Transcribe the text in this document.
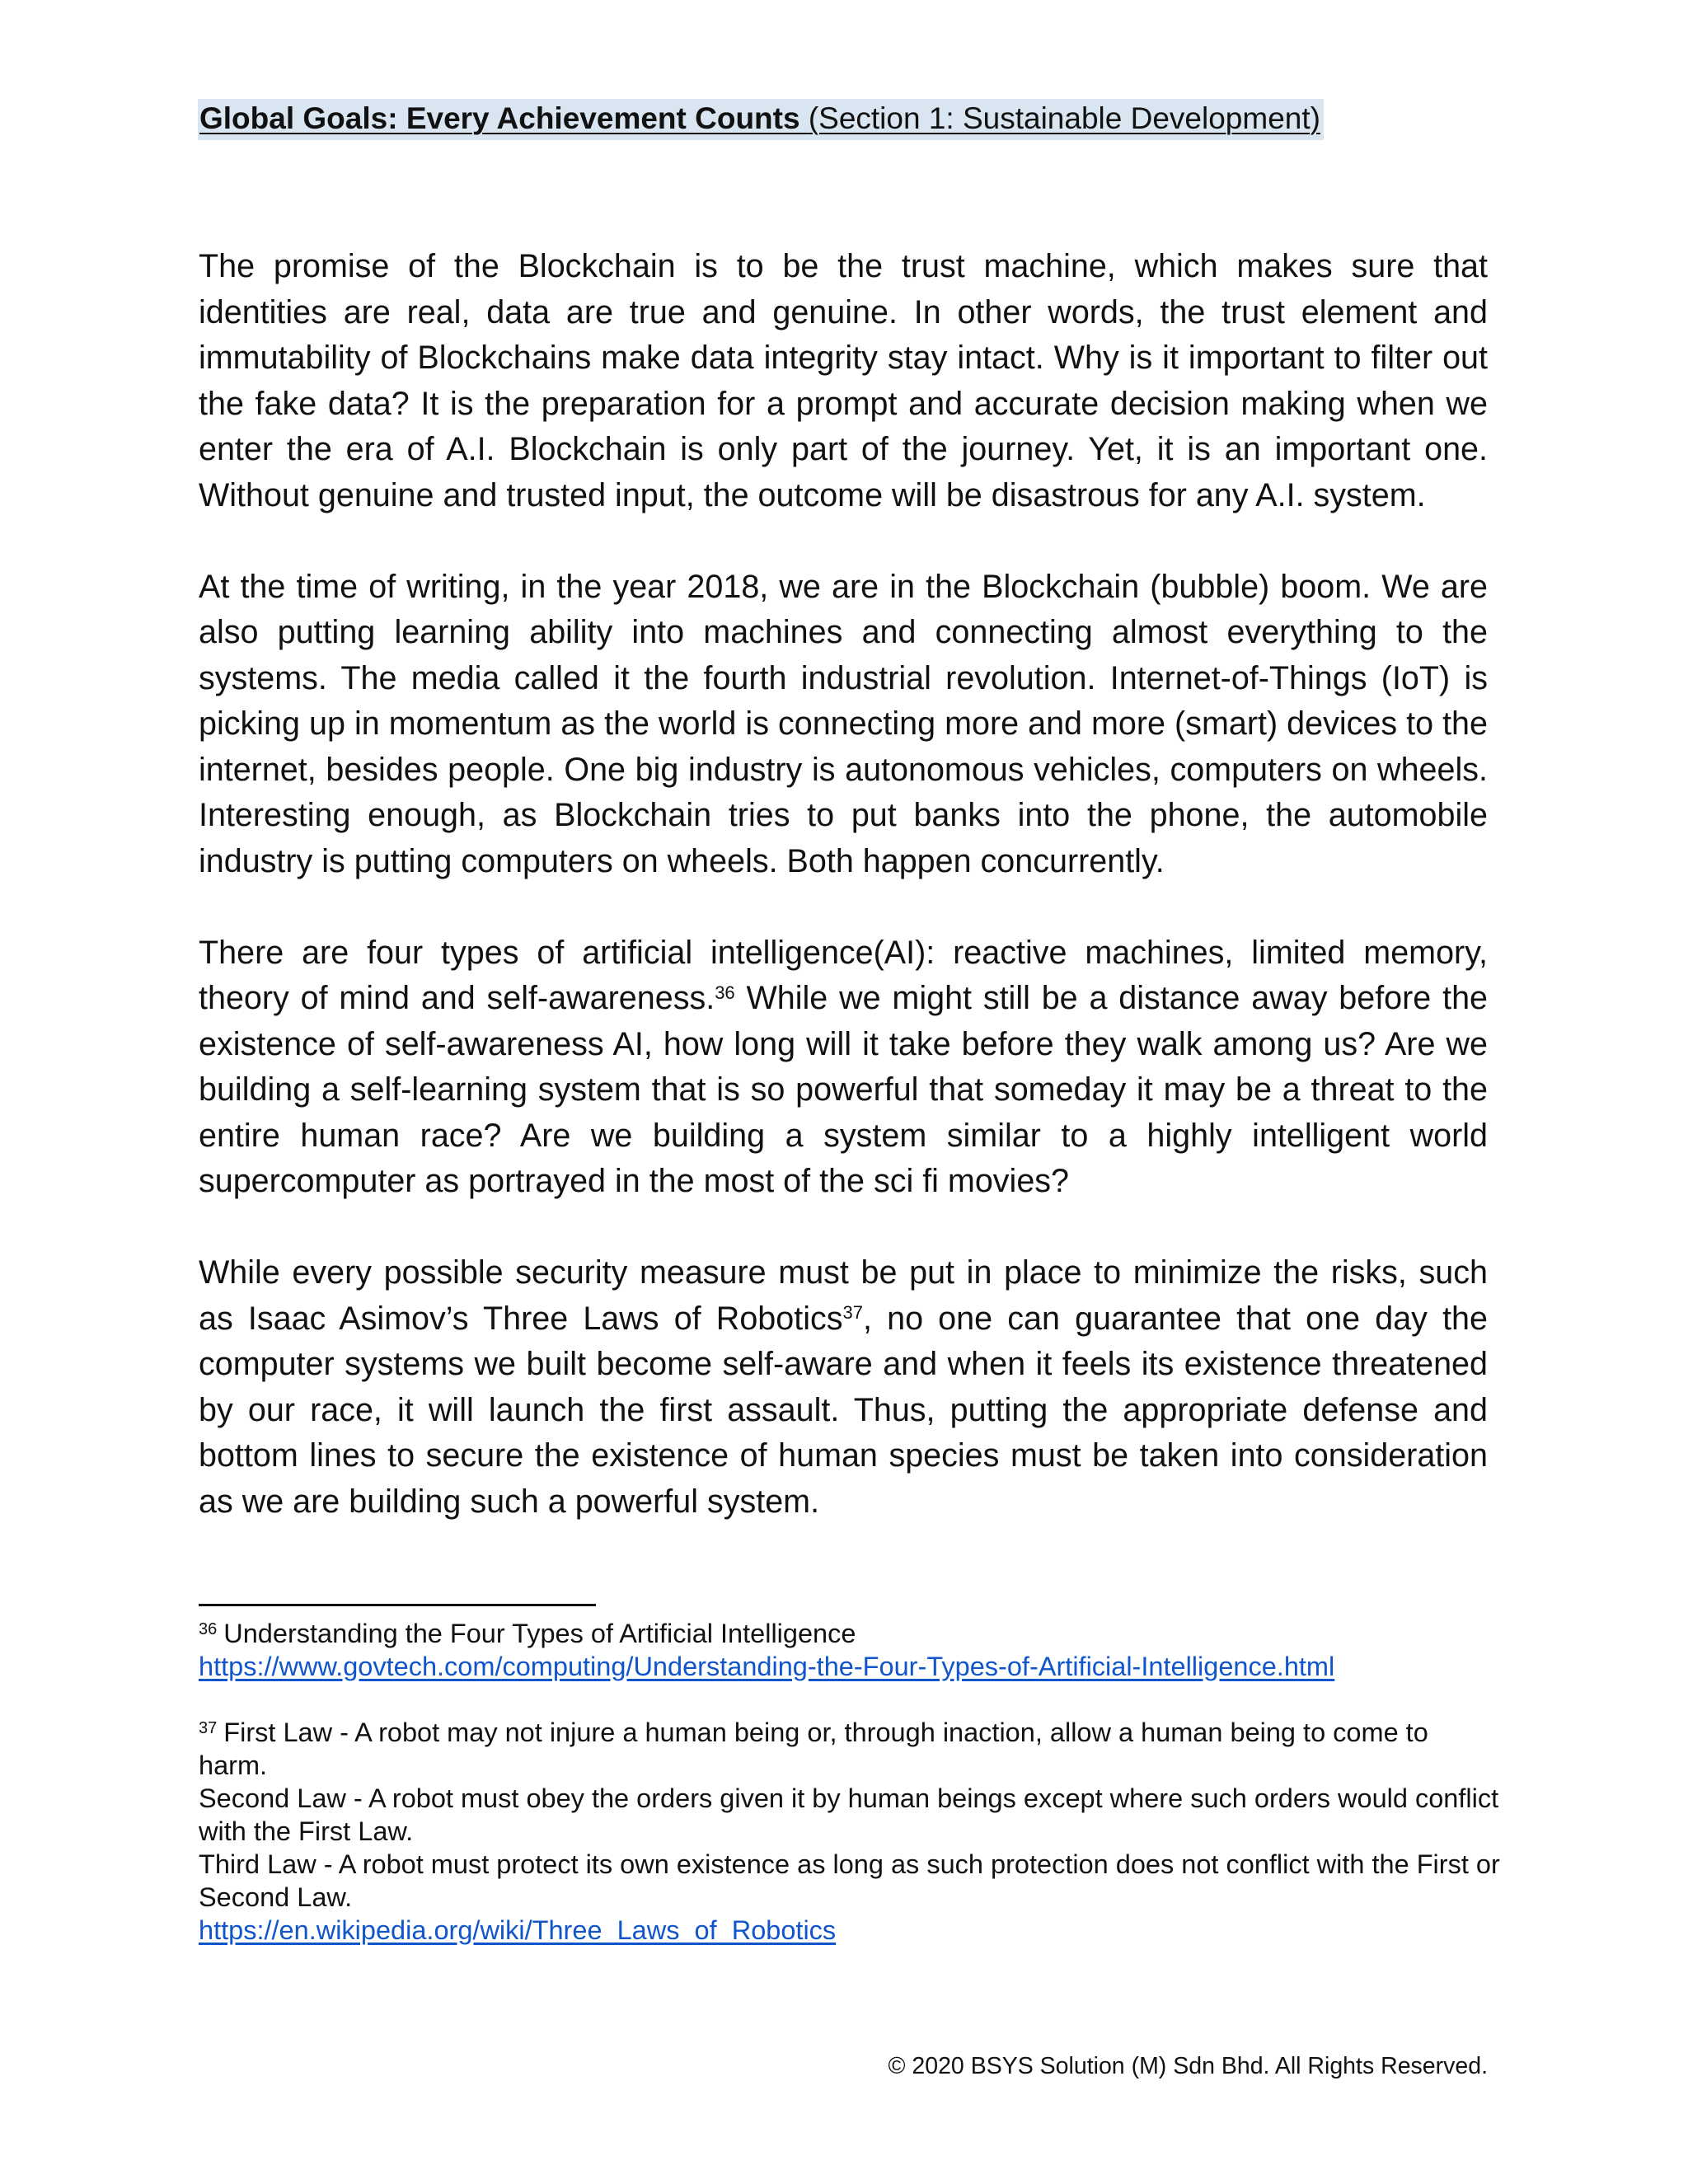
Global Goals: Every Achievement Counts (Section 1: Sustainable Development)

The promise of the Blockchain is to be the trust machine, which makes sure that identities are real, data are true and genuine. In other words, the trust element and immutability of Blockchains make data integrity stay intact. Why is it important to filter out the fake data? It is the preparation for a prompt and accurate decision making when we enter the era of A.I. Blockchain is only part of the journey. Yet, it is an important one. Without genuine and trusted input, the outcome will be disastrous for any A.I. system.

At the time of writing, in the year 2018, we are in the Blockchain (bubble) boom. We are also putting learning ability into machines and connecting almost everything to the systems. The media called it the fourth industrial revolution. Internet-of-Things (IoT) is picking up in momentum as the world is connecting more and more (smart) devices to the internet, besides people. One big industry is autonomous vehicles, computers on wheels. Interesting enough, as Blockchain tries to put banks into the phone, the automobile industry is putting computers on wheels. Both happen concurrently.

There are four types of artificial intelligence(AI): reactive machines, limited memory, theory of mind and self-awareness.$^{36}$ While we might still be a distance away before the existence of self-awareness AI, how long will it take before they walk among us? Are we building a self-learning system that is so powerful that someday it may be a threat to the entire human race? Are we building a system similar to a highly intelligent world supercomputer as portrayed in the most of the sci fi movies?

While every possible security measure must be put in place to minimize the risks, such as Isaac Asimov’s Three Laws of Robotics$^{37}$, no one can guarantee that one day the computer systems we built become self-aware and when it feels its existence threatened by our race, it will launch the first assault. Thus, putting the appropriate defense and bottom lines to secure the existence of human species must be taken into consideration as we are building such a powerful system.

$^{36}$ Understanding the Four Types of Artificial Intelligence

https://www.govtech.com/computing/Understanding-the-Four-Types-of-Artificial-Intelligence.html

$^{37}$ First Law - A robot may not injure a human being or, through inaction, allow a human being to come to harm.

Second Law - A robot must obey the orders given it by human beings except where such orders would conflict with the First Law.

Third Law - A robot must protect its own existence as long as such protection does not conflict with the First or Second Law.

https://en.wikipedia.org/wiki/Three_Laws_of_Robotics

© 2020 BSYS Solution (M) Sdn Bhd. All Rights Reserved.
